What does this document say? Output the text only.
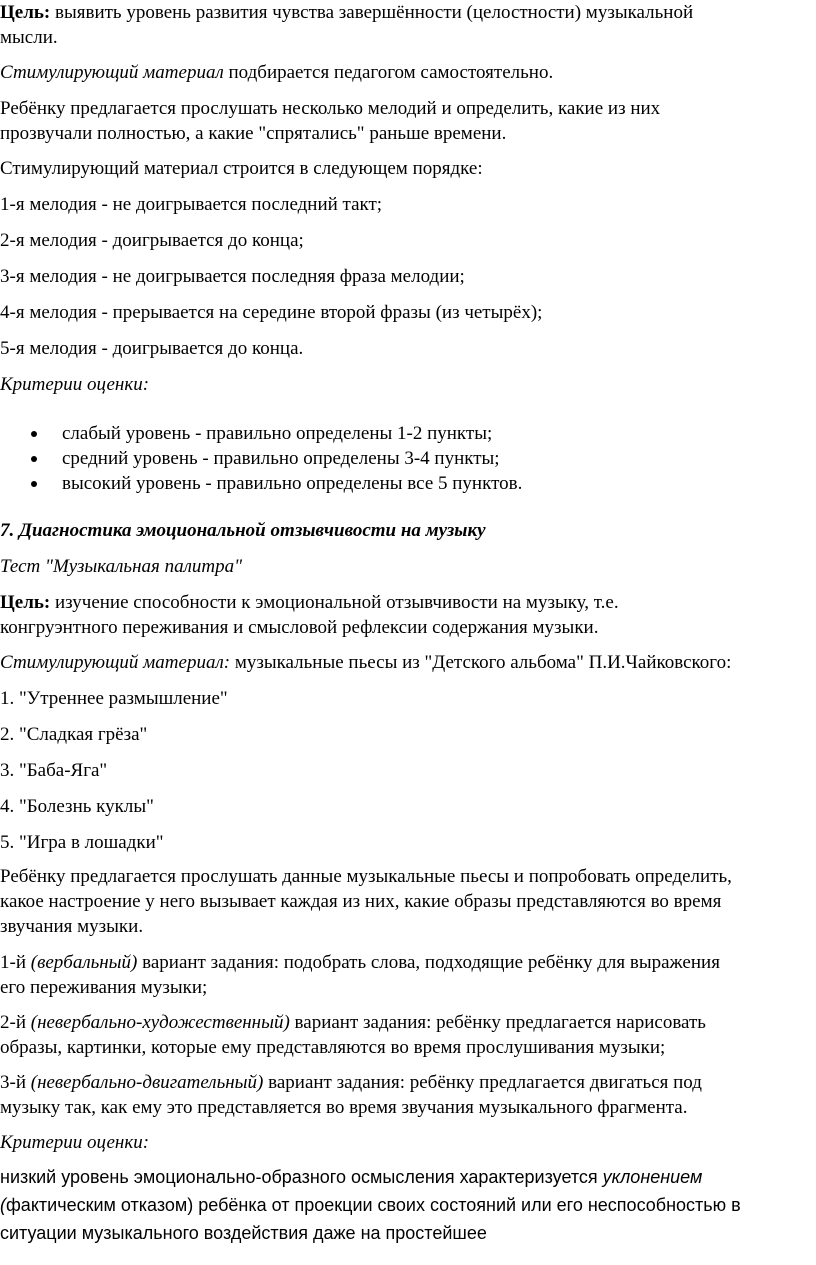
Цель: выявить уровень развития чувства завершённости (целостности) музыкальной
мысли.
Стимулирующий материал подбирается педагогом самостоятельно.
Ребёнку предлагается прослушать несколько мелодий и определить, какие из них
прозвучали полностью, а какие "спрятались" раньше времени.
Стимулирующий материал строится в следующем порядке:
1-я мелодия - не доигрывается последний такт;
2-я мелодия - доигрывается до конца;
3-я мелодия - не доигрывается последняя фраза мелодии;
4-я мелодия - прерывается на середине второй фразы (из четырёх);
5-я мелодия - доигрывается до конца.
Критерии оценки:
слабый уровень - правильно определены 1-2 пункты;
средний уровень - правильно определены 3-4 пункты;
высокий уровень - правильно определены все 5 пунктов.
7. Диагностика эмоциональной отзывчивости на музыку
Тест "Музыкальная палитра"
Цель: изучение способности к эмоциональной отзывчивости на музыку, т.е.
конгруэнтного переживания и смысловой рефлексии содержания музыки.
Стимулирующий материал: музыкальные пьесы из "Детского альбома" П.И.Чайковского:
1. "Утреннее размышление"
2. "Сладкая грёза"
3. "Баба-Яга"
4. "Болезнь куклы"
5. "Игра в лошадки"
Ребёнку предлагается прослушать данные музыкальные пьесы и попробовать определить,
какое настроение у него вызывает каждая из них, какие образы представляются во время
звучания музыки.
1-й (вербальный) вариант задания: подобрать слова, подходящие ребёнку для выражения
его переживания музыки;
2-й (невербально-художественный) вариант задания: ребёнку предлагается нарисовать
образы, картинки, которые ему представляются во время прослушивания музыки;
3-й (невербально-двигательный) вариант задания: ребёнку предлагается двигаться под
музыку так, как ему это представляется во время звучания музыкального фрагмента.
Критерии оценки:
низкий уровень эмоционально-образного осмысления характеризуется уклонением
(фактическим отказом) ребёнка от проекции своих состояний или его неспособностью в
ситуации музыкального воздействия даже на простейшее
